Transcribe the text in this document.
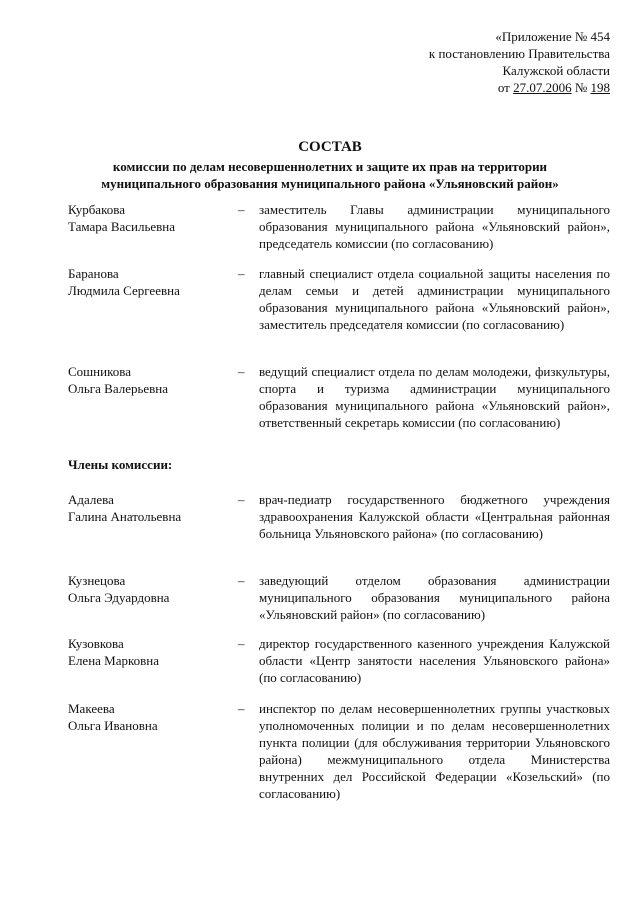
«Приложение № 454
к постановлению Правительства
Калужской области
от 27.07.2006 № 198
СОСТАВ
комиссии по делам несовершеннолетних и защите их прав на территории
муниципального образования муниципального района «Ульяновский район»
Курбакова
Тамара Васильевна
– заместитель Главы администрации муниципального образования муниципального района «Ульяновский район», председатель комиссии (по согласованию)
Баранова
Людмила Сергеевна
– главный специалист отдела социальной защиты населения по делам семьи и детей администрации муниципального образования муниципального района «Ульяновский район», заместитель председателя комиссии (по согласованию)
Сошникова
Ольга Валерьевна
– ведущий специалист отдела по делам молодежи, физкультуры, спорта и туризма администрации муниципального образования муниципального района «Ульяновский район», ответственный секретарь комиссии (по согласованию)
Члены комиссии:
Адалева
Галина Анатольевна
– врач-педиатр государственного бюджетного учреждения здравоохранения Калужской области «Центральная районная больница Ульяновского района» (по согласованию)
Кузнецова
Ольга Эдуардовна
– заведующий отделом образования администрации муниципального образования муниципального района «Ульяновский район» (по согласованию)
Кузовкова
Елена Марковна
– директор государственного казенного учреждения Калужской области «Центр занятости населения Ульяновского района» (по согласованию)
Макеева
Ольга Ивановна
– инспектор по делам несовершеннолетних группы участковых уполномоченных полиции и по делам несовершеннолетних пункта полиции (для обслуживания территории Ульяновского района) межмуниципального отдела Министерства внутренних дел Российской Федерации «Козельский» (по согласованию)
